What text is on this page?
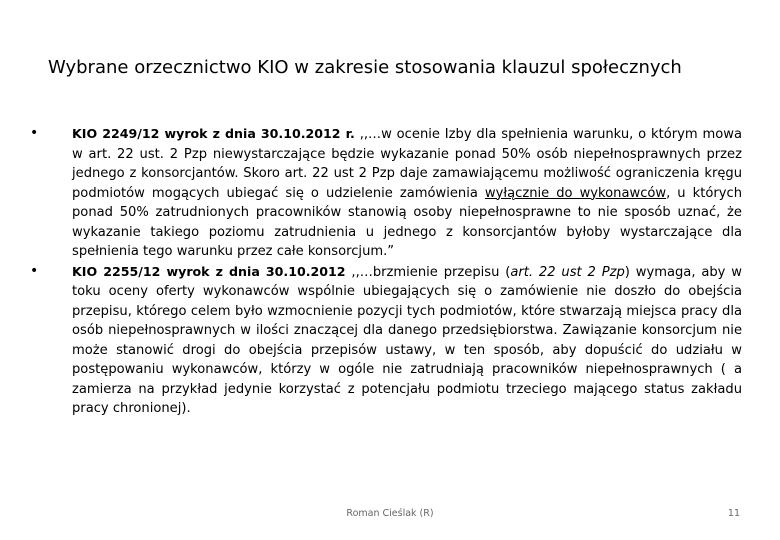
Wybrane orzecznictwo KIO w zakresie stosowania klauzul społecznych
•	KIO 2249/12 wyrok z dnia 30.10.2012 r. ,,…w ocenie Izby dla spełnienia warunku, o którym mowa w art. 22 ust. 2 Pzp niewystarczające będzie wykazanie ponad 50% osób niepełnosprawnych przez jednego z konsorcjantów. Skoro art. 22 ust 2 Pzp daje zamawiającemu możliwość ograniczenia kręgu podmiotów mogących ubiegać się o udzielenie zamówienia wyłącznie do wykonawców, u których ponad 50% zatrudnionych pracowników stanowią osoby niepełnosprawne to nie sposób uznać, że wykazanie takiego poziomu zatrudnienia u jednego z konsorcjantów byłoby wystarczające dla spełnienia tego warunku przez całe konsorcjum.”
•	KIO 2255/12 wyrok z dnia 30.10.2012 ,,…brzmienie przepisu (art. 22 ust 2 Pzp) wymaga, aby w toku oceny oferty wykonawców wspólnie ubiegających się o zamówienie nie doszło do obejścia przepisu, którego celem było wzmocnienie pozycji tych podmiotów, które stwarzają miejsca pracy dla osób niepełnosprawnych w ilości znaczącej dla danego przedsiębiorstwa. Zawiązanie konsorcjum nie może stanowić drogi do obejścia przepisów ustawy, w ten sposób, aby dopuścić do udziału w postępowaniu wykonawców, którzy w ogóle nie zatrudniają pracowników niepełnosprawnych ( a zamierza na przykład jedynie korzystać z potencjału podmiotu trzeciego mającego status zakładu pracy chronionej).
Roman Cieślak (R)	11
